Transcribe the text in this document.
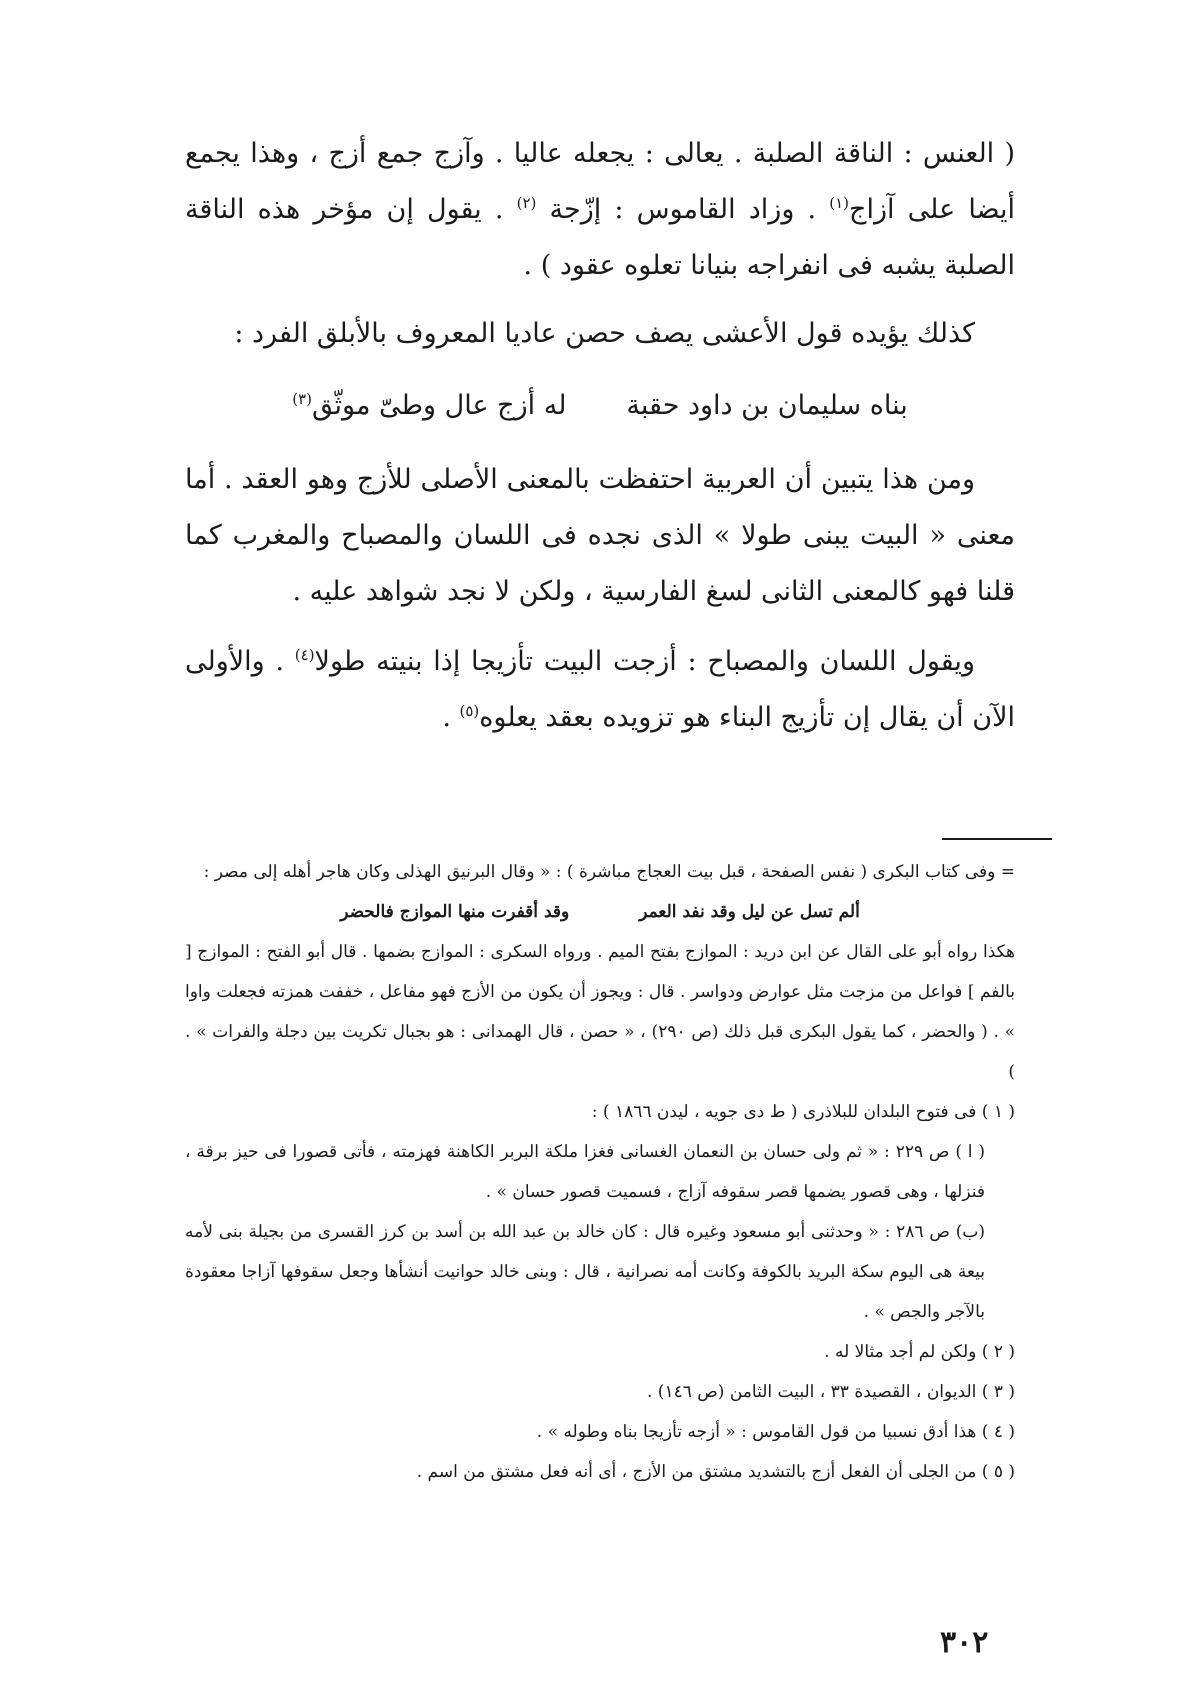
( العنس : الناقة الصلبة . يعالى : يجعله عاليا . وآزج جمع أزج ، وهذا يجمع أيضا على آزاج$^{(١)}$ . وزاد القاموس : إزّجة $^{(٢)}$ . يقول إن مؤخر هذه الناقة الصلبة يشبه فى انفراجه بنيانا تعلوه عقود ) .

كذلك يؤيده قول الأعشى يصف حصن عاديا المعروف بالأبلق الفرد :

بناه سليمان بن داود حقبة
له أزج عال وطىّ موثّق$^{(٣)}$

ومن هذا يتبين أن العربية احتفظت بالمعنى الأصلى للأزج وهو العقد . أما معنى « البيت يبنى طولا » الذى نجده فى اللسان والمصباح والمغرب كما قلنا فهو كالمعنى الثانى لسغ الفارسية ، ولكن لا نجد شواهد عليه .

ويقول اللسان والمصباح : أزجت البيت تأزيجا إذا بنيته طولا$^{(٤)}$ . والأولى الآن أن يقال إن تأزيج البناء هو تزويده بعقد يعلوه$^{(٥)}$ .

= وفى كتاب البكرى ( نفس الصفحة ، قبل بيت العجاج مباشرة ) : « وقال البرنيق الهذلى وكان هاجر أهله إلى مصر :

ألم تسل عن ليل وقد نفد العمر
وقد أقفرت منها الموازج فالحضر

هكذا رواه أبو على القال عن ابن دريد : الموازج بفتح الميم . ورواه السكرى : الموازج بضمها . قال أبو الفتح : الموازج [ بالفم ] فواعل من مزجت مثل عوارض ودواسر . قال : ويجوز أن يكون من الأزج فهو مفاعل ، خففت همزته فجعلت واوا » . ( والحضر ، كما يقول البكرى قبل ذلك (ص ٢٩٠) ، « حصن ، قال الهمدانى : هو بجبال تكريت بين دجلة والفرات » . )

( ١ ) فى فتوح البلدان للبلاذرى ( ط دى جويه ، ليدن ١٨٦٦ ) :

( ا ) ص ٢٢٩ : « ثم ولى حسان بن النعمان الغسانى فغزا ملكة البربر الكاهنة فهزمته ، فأتى قصورا فى حيز برقة ، فنزلها ، وهى قصور يضمها قصر سقوفه آزاج ، فسميت قصور حسان » .

(ب) ص ٢٨٦ : « وحدثنى أبو مسعود وغيره قال : كان خالد بن عبد الله بن أسد بن كرز القسرى من بجيلة بنى لأمه بيعة هى اليوم سكة البريد بالكوفة وكانت أمه نصرانية ، قال : وبنى خالد حوانيت أنشأها وجعل سقوفها آزاجا معقودة بالآجر والجص » .

( ٢ ) ولكن لم أجد مثالا له .

( ٣ ) الديوان ، القصيدة ٣٣ ، البيت الثامن (ص ١٤٦) .

( ٤ ) هذا أدق نسبيا من قول القاموس : « أزجه تأزيجا بناه وطوله » .

( ٥ ) من الجلى أن الفعل أزج بالتشديد مشتق من الأزج ، أى أنه فعل مشتق من اسم .

٣٠٢
